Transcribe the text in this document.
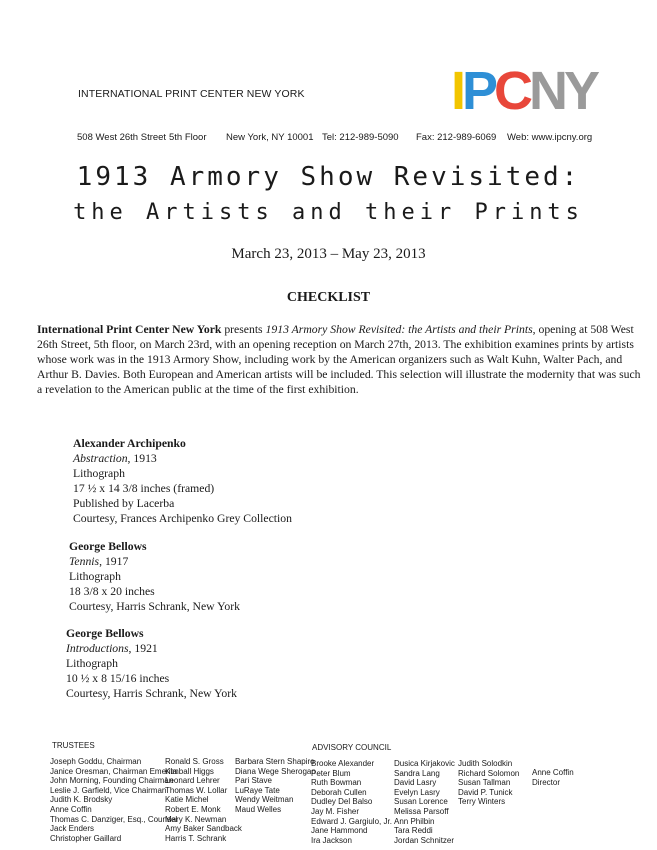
INTERNATIONAL PRINT CENTER NEW YORK	I P C N Y
508 West 26th Street 5th Floor New York, NY 10001 Tel: 212-989-5090 Fax: 212-989-6069 Web: www.ipcny.org
1913 Armory Show Revisited:
the Artists and their Prints
March 23, 2013 – May 23, 2013
CHECKLIST
International Print Center New York presents 1913 Armory Show Revisited: the Artists and their Prints, opening at 508 West 26th Street, 5th floor, on March 23rd, with an opening reception on March 27th, 2013. The exhibition examines prints by artists whose work was in the 1913 Armory Show, including work by the American organizers such as Walt Kuhn, Walter Pach, and Arthur B. Davies. Both European and American artists will be included. This selection will illustrate the modernity that was such a revelation to the American public at the time of the first exhibition.
Alexander Archipenko
Abstraction, 1913
Lithograph
17 ½ x 14 3/8 inches (framed)
Published by Lacerba
Courtesy, Frances Archipenko Grey Collection
George Bellows
Tennis, 1917
Lithograph
18 3/8 x 20 inches
Courtesy, Harris Schrank, New York
George Bellows
Introductions, 1921
Lithograph
10 ½ x 8 15/16 inches
Courtesy, Harris Schrank, New York
TRUSTEES	ADVISORY COUNCIL
Joseph Goddu, Chairman
Janice Oresman, Chairman Emerita
John Morning, Founding Chairman
Leslie J. Garfield, Vice Chairman
Judith K. Brodsky
Anne Coffin
Thomas C. Danziger, Esq., Counsel
Jack Enders
Christopher Gaillard
Ronald S. Gross
Kimball Higgs
Leonard Lehrer
Thomas W. Lollar
Katie Michel
Robert E. Monk
Mary K. Newman
Amy Baker Sandback
Harris T. Schrank
Barbara Stern Shapiro
Diana Wege Sherogan
Pari Stave
LuRaye Tate
Wendy Weitman
Maud Welles
Brooke Alexander
Peter Blum
Ruth Bowman
Deborah Cullen
Dudley Del Balso
Jay M. Fisher
Edward J. Gargiulo, Jr.
Jane Hammond
Ira Jackson
Dusica Kirjakovic
Sandra Lang
David Lasry
Evelyn Lasry
Susan Lorence
Melissa Parsoff
Ann Philbin
Tara Reddi
Jordan Schnitzer
Judith Solodkin
Richard Solomon
Susan Tallman
David P. Tunick
Terry Winters
Anne Coffin
Director
